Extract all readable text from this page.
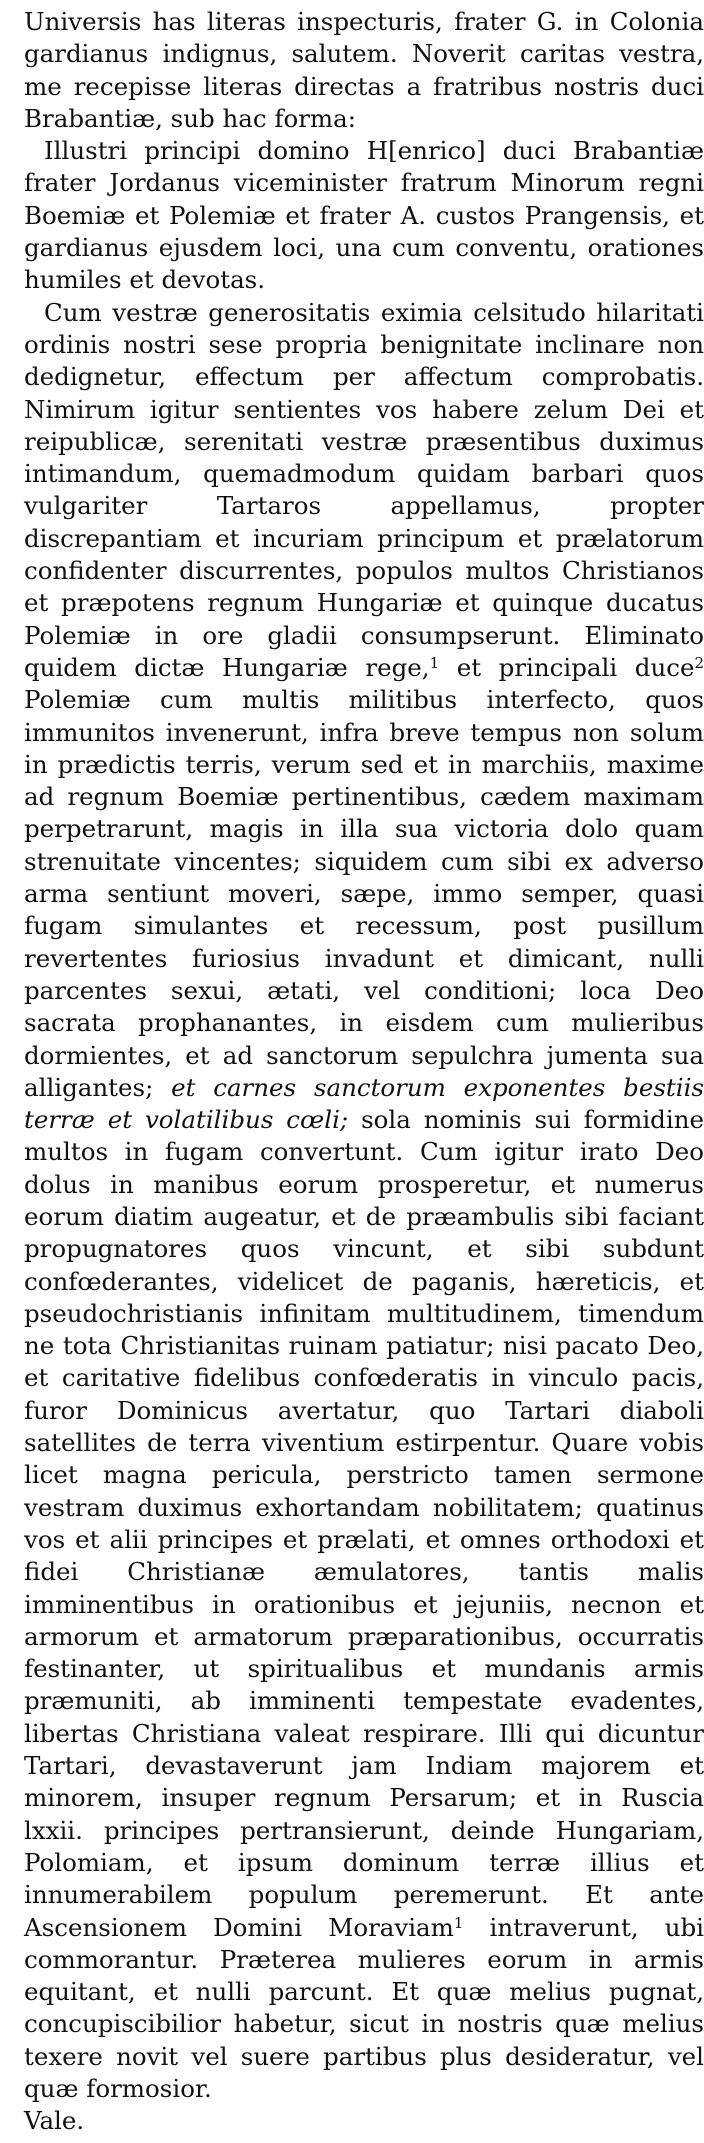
Universis has literas inspecturis, frater G. in Colonia gardianus indignus, salutem. Noverit caritas vestra, me recepisse literas directas a fratribus nostris duci Brabantiæ, sub hac forma:

Illustri principi domino H[enrico] duci Brabantiæ frater Jordanus viceminister fratrum Minorum regni Boemiæ et Polemiæ et frater A. custos Prangensis, et gardianus ejusdem loci, una cum conventu, orationes humiles et devotas.

Cum vestræ generositatis eximia celsitudo hilaritati ordinis nostri sese propria benignitate inclinare non dedignetur, effectum per affectum comprobatis. Nimirum igitur sentientes vos habere zelum Dei et reipublicæ, serenitati vestræ præsentibus duximus intimandum, quemadmodum quidam barbari quos vulgariter Tartaros appellamus, propter discrepantiam et incuriam principum et prælatorum confidenter discurrentes, populos multos Christianos et præpotens regnum Hungariæ et quinque ducatus Polemiæ in ore gladii consumpserunt. Eliminato quidem dictæ Hungariæ rege,$^1$ et principali duce$^2$ Polemiæ cum multis militibus interfecto, quos immunitos invenerunt, infra breve tempus non solum in prædictis terris, verum sed et in marchiis, maxime ad regnum Boemiæ pertinentibus, cædem maximam perpetrarunt, magis in illa sua victoria dolo quam strenuitate vincentes; siquidem cum sibi ex adverso arma sentiunt moveri, sæpe, immo semper, quasi fugam simulantes et recessum, post pusillum revertentes furiosius invadunt et dimicant, nulli parcentes sexui, ætati, vel conditioni; loca Deo sacrata prophanantes, in eisdem cum mulieribus dormientes, et ad sanctorum sepulchra jumenta sua alligantes; et carnes sanctorum exponentes bestiis terræ et volatilibus cœli; sola nominis sui formidine multos in fugam convertunt. Cum igitur irato Deo dolus in manibus eorum prosperetur, et numerus eorum diatim augeatur, et de præambulis sibi faciant propugnatores quos vincunt, et sibi subdunt confœderantes, videlicet de paganis, hæreticis, et pseudochristianis infinitam multitudinem, timendum ne tota Christianitas ruinam patiatur; nisi pacato Deo, et caritative fidelibus confœderatis in vinculo pacis, furor Dominicus avertatur, quo Tartari diaboli satellites de terra viventium estirpentur. Quare vobis licet magna pericula, perstricto tamen sermone vestram duximus exhortandam nobilitatem; quatinus vos et alii principes et prælati, et omnes orthodoxi et fidei Christianæ æmulatores, tantis malis imminentibus in orationibus et jejuniis, necnon et armorum et armatorum præparationibus, occurratis festinanter, ut spiritualibus et mundanis armis præmuniti, ab imminenti tempestate evadentes, libertas Christiana valeat respirare. Illi qui dicuntur Tartari, devastaverunt jam Indiam majorem et minorem, insuper regnum Persarum; et in Ruscia lxxii. principes pertransierunt, deinde Hungariam, Polomiam, et ipsum dominum terræ illius et innumerabilem populum peremerunt. Et ante Ascensionem Domini Moraviam$^1$ intraverunt, ubi commorantur. Præterea mulieres eorum in armis equitant, et nulli parcunt. Et quæ melius pugnat, concupiscibilior habetur, sicut in nostris quæ melius texere novit vel suere partibus plus desideratur, vel quæ formosior.
Vale.
